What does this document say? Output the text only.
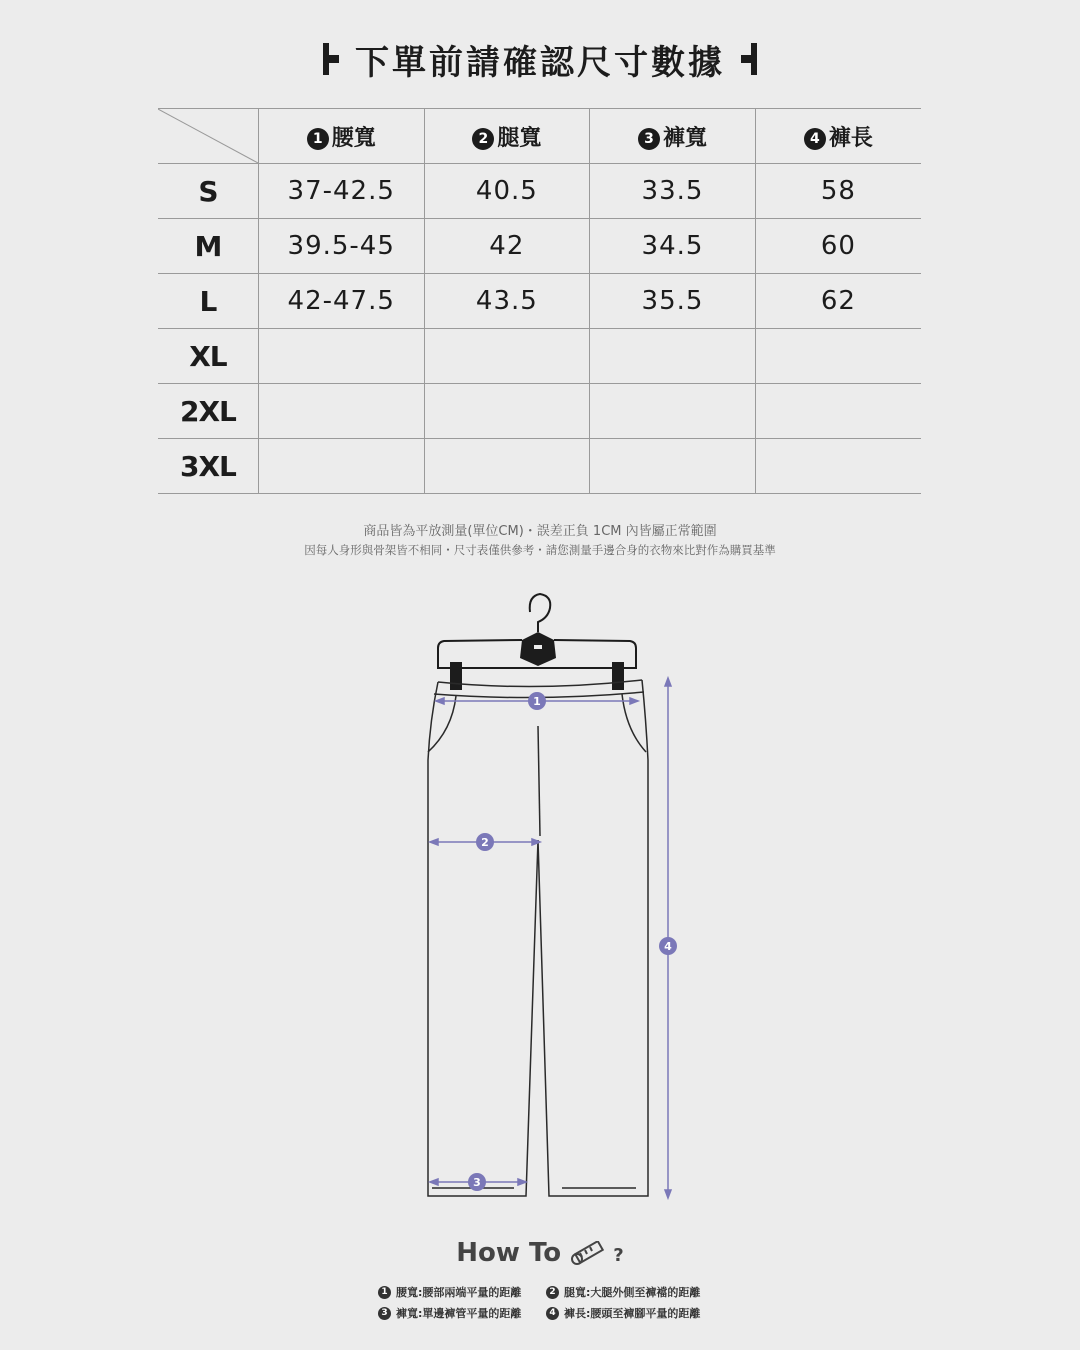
下單前請確認尺寸數據
	1 腰寬	2 腿寬	3 褲寬	4 褲長
S	37-42.5	40.5	33.5	58
M	39.5-45	42	34.5	60
L	42-47.5	43.5	35.5	62
XL				
2XL				
3XL				
商品皆為平放測量(單位CM)・誤差正負 1CM 內皆屬正常範圍
因每人身形與骨架皆不相同・尺寸表僅供參考・請您測量手邊合身的衣物來比對作為購買基準
1
2
3
4
How To	?
1 腰寬:腰部兩端平量的距離	2 腿寬:大腿外側至褲襠的距離
3 褲寬:單邊褲管平量的距離	4 褲長:腰頭至褲腳平量的距離
